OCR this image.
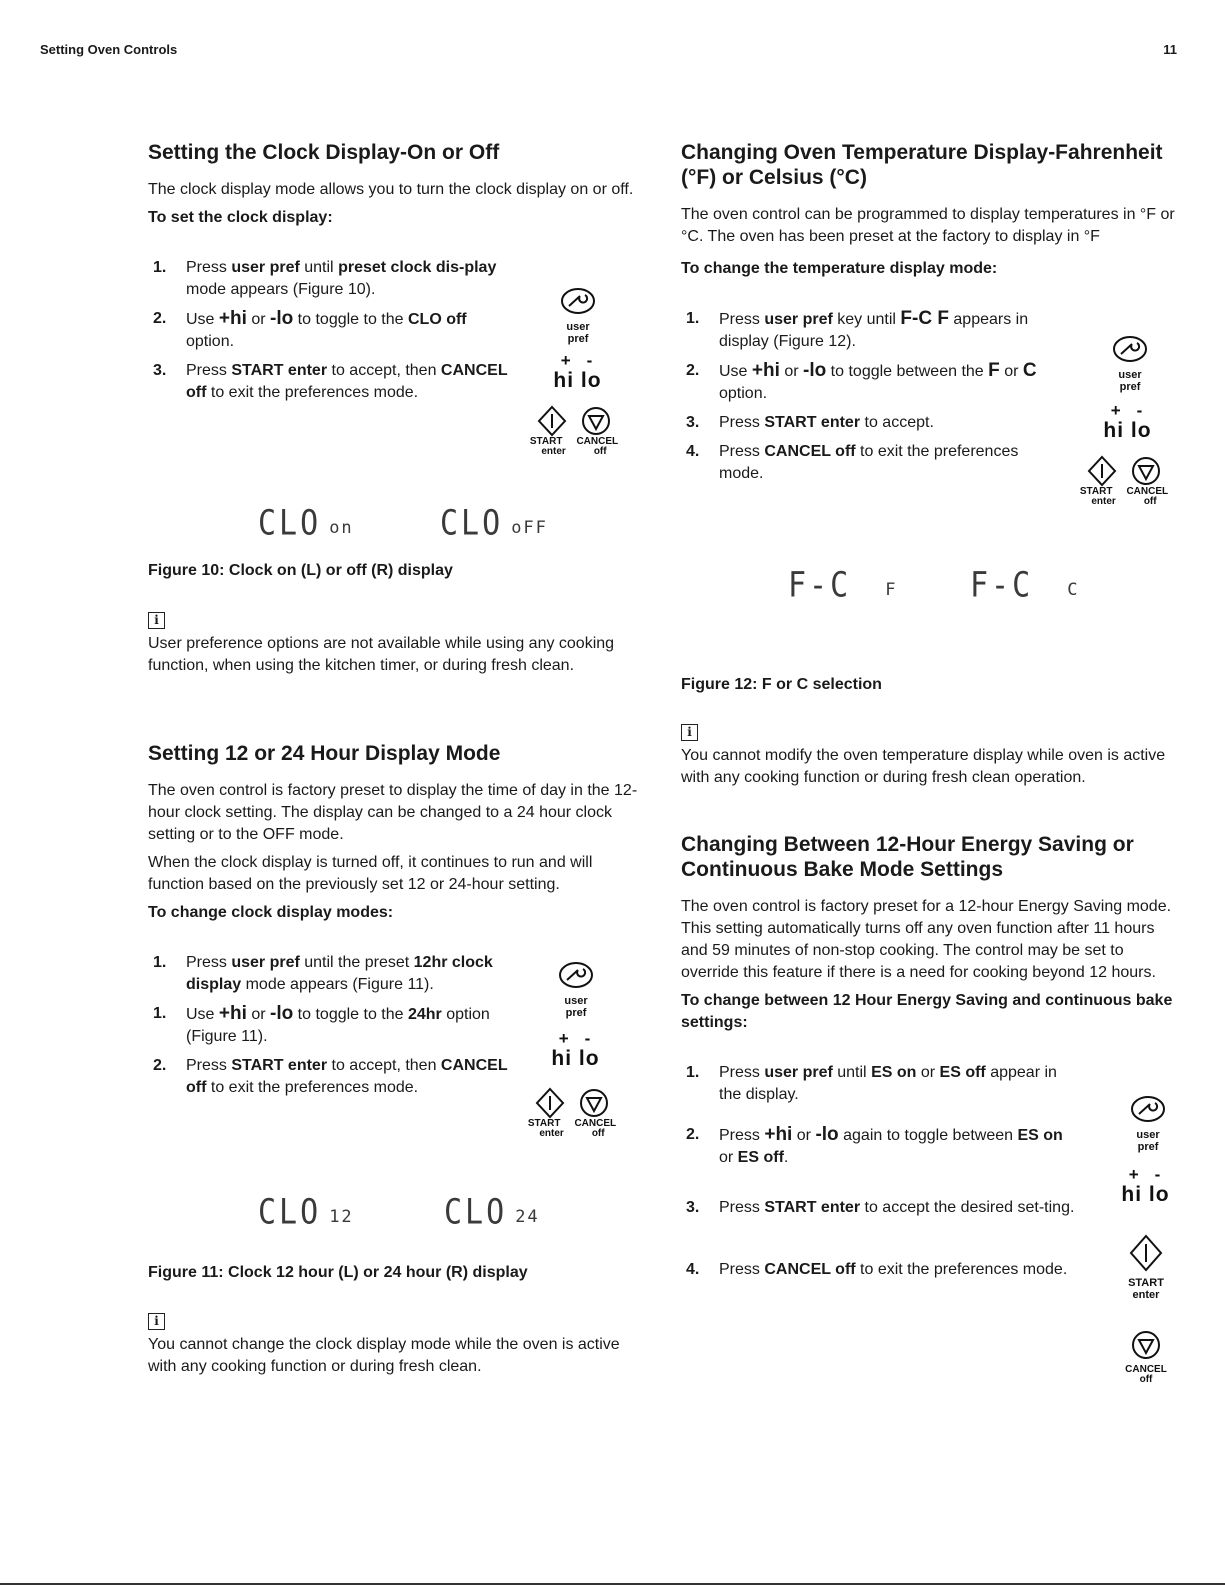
Setting Oven Controls	11
Setting the Clock Display-On or Off

The clock display mode allows you to turn the clock display on or off.

To set the clock display:
1. Press user pref until preset clock dis-play mode appears (Figure 10).
2. Use +hi or -lo to toggle to the CLO off option.
3. Press START enter to accept, then CANCEL off to exit the preferences mode.
user
pref
+-
hi lo
START CANCEL
enter	off
CLO on	CLO oFF
Figure 10: Clock on (L) or off (R) display
i

User preference options are not available while using any cooking function, when using the kitchen timer, or during fresh clean.

Setting 12 or 24 Hour Display Mode

The oven control is factory preset to display the time of day in the 12-hour clock setting. The display can be changed to a 24 hour clock setting or to the OFF mode.

When the clock display is turned off, it continues to run and will function based on the previously set 12 or 24-hour setting.

To change clock display modes:
1. Press user pref until the preset 12hr clock display mode appears (Figure 11).
1. Use +hi or -lo to toggle to the 24hr option (Figure 11).
2. Press START enter to accept, then CANCEL off to exit the preferences mode.
user
pref
+-
hi lo
START CANCEL
enter	off
CLO 12	CLO 24
Figure 11: Clock 12 hour (L) or 24 hour (R) display
i

You cannot change the clock display mode while the oven is active with any cooking function or during fresh clean.

Changing Oven Temperature Display-Fahrenheit (°F) or Celsius (°C)

The oven control can be programmed to display temperatures in °F or °C. The oven has been preset at the factory to display in °F

To change the temperature display mode:
1. Press user pref key until F-C F appears in display (Figure 12).
2. Use +hi or -lo to toggle between the F or C option.
3. Press START enter to accept.
4. Press CANCEL off to exit the preferences mode.
user
pref
+-
hi lo
START CANCEL
enter	off
F-C F F-C C
Figure 12: F or C selection
i

You cannot modify the oven temperature display while oven is active with any cooking function or during fresh clean operation.

Changing Between 12-Hour Energy Saving or Continuous Bake Mode Settings

The oven control is factory preset for a 12-hour Energy Saving mode. This setting automatically turns off any oven function after 11 hours and 59 minutes of non-stop cooking. The control may be set to override this feature if there is a need for cooking beyond 12 hours.

To change between 12 Hour Energy Saving and continuous bake settings:
1. Press user pref until ES on or ES off appear in the display.
2. Press +hi or -lo again to toggle between ES on or ES off.
3. Press START enter to accept the desired set-ting.
4. Press CANCEL off to exit the preferences mode.
user
pref
+-
hi lo
START
enter
CANCEL
off
